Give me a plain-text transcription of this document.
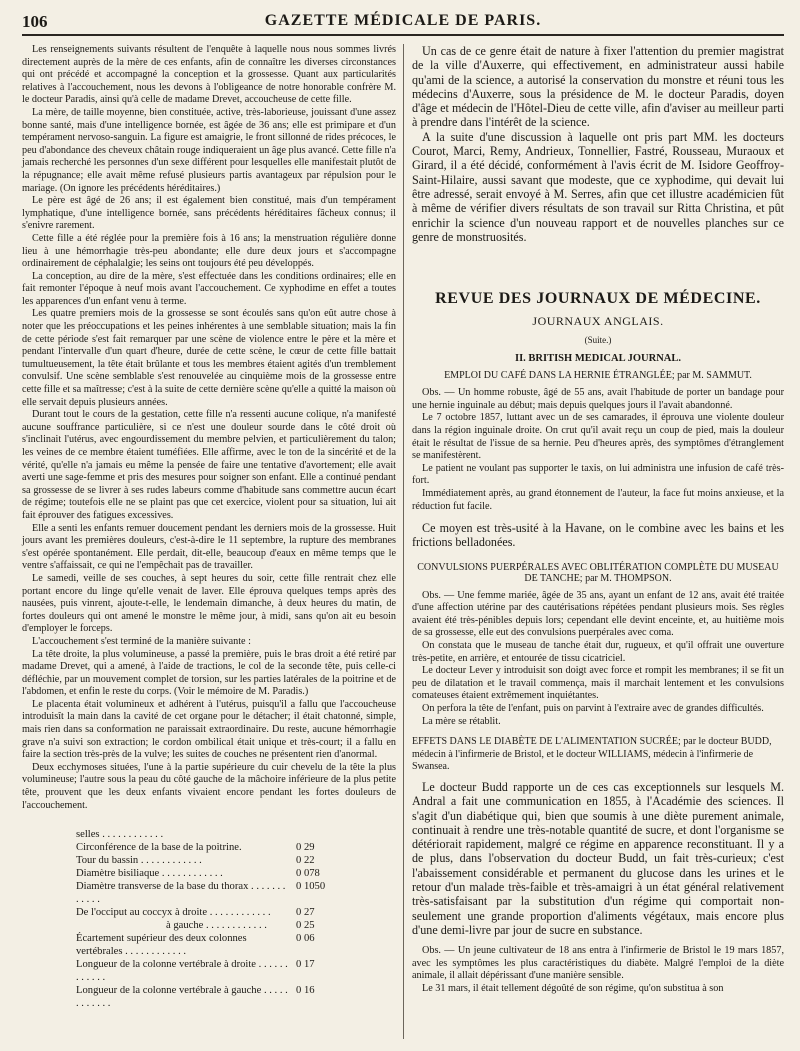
106	GAZETTE MÉDICALE DE PARIS.

Les renseignements suivants résultent de l'enquête à laquelle nous nous sommes livrés directement auprès de la mère de ces enfants, afin de connaître les diverses circonstances qui ont précédé et accompagné la conception et la grossesse. Quant aux particularités relatives à l'accouchement, nous les devons à l'obligeance de notre honorable confrère M. le docteur Paradis, ainsi qu'à celle de madame Drevet, accoucheuse de cette fille.

La mère, de taille moyenne, bien constituée, active, très-laborieuse, jouissant d'une assez bonne santé, mais d'une intelligence bornée, est âgée de 36 ans; elle est primipare et d'un tempérament nervoso-sanguin. La figure est amaigrie, le front sillonné de rides précoces, le peu d'abondance des cheveux châtain rouge indiqueraient un âge plus avancé. Cette fille n'a jamais recherché les personnes d'un sexe différent pour lesquelles elle manifestait plutôt de la répugnance; elle avait même refusé plusieurs partis avantageux par répulsion pour le mariage. (On ignore les précédents héréditaires.)

Le père est âgé de 26 ans; il est également bien constitué, mais d'un tempérament lymphatique, d'une intelligence bornée, sans précédents héréditaires fâcheux connus; il s'enivre rarement.

Cette fille a été réglée pour la première fois à 16 ans; la menstruation régulière donne lieu à une hémorrhagie très-peu abondante; elle dure deux jours et s'accompagne ordinairement de céphalalgie; les seins ont toujours été peu développés.

La conception, au dire de la mère, s'est effectuée dans les conditions ordinaires; elle en fait remonter l'époque à neuf mois avant l'accouchement. Ce xyphodime en effet a toutes les apparences d'un enfant venu à terme.

Les quatre premiers mois de la grossesse se sont écoulés sans qu'on eût autre chose à noter que les préoccupations et les peines inhérentes à une semblable situation; mais la fin de cette période s'est fait remarquer par une scène de violence entre le père et la mère et pendant l'intervalle d'un quart d'heure, durée de cette scène, le cœur de cette fille battait tumultueusement, la tête était brûlante et tous les membres étaient agités d'un tremblement convulsif. Une scène semblable s'est renouvelée au cinquième mois de la grossesse entre cette fille et sa maîtresse; c'est à la suite de cette dernière scène qu'elle a quitté la maison où elle servait depuis plusieurs années.

Durant tout le cours de la gestation, cette fille n'a ressenti aucune colique, n'a manifesté aucune souffrance particulière, si ce n'est une douleur sourde dans le côté droit où s'inclinait l'utérus, avec engourdissement du membre pelvien, et particulièrement du talon; les veines de ce membre étaient tuméfiées. Elle affirme, avec le ton de la sincérité et de la vérité, qu'elle n'a jamais eu même la pensée de faire une tentative d'avortement; elle avait averti une sage-femme et pris des mesures pour soigner son enfant. Elle a continué pendant sa grossesse de se livrer à ses rudes labeurs comme d'habitude sans commettre aucun écart de régime; toutefois elle ne se plaint pas que cet exercice, violent pour sa situation, lui ait fait éprouver des fatigues excessives.

Elle a senti les enfants remuer doucement pendant les derniers mois de la grossesse. Huit jours avant les premières douleurs, c'est-à-dire le 11 septembre, la rupture des membranes s'est opérée spontanément. Elle perdait, dit-elle, beaucoup d'eaux en même temps que le ventre s'affaissait, ce qui ne l'empêchait pas de travailler.

Le samedi, veille de ses couches, à sept heures du soir, cette fille rentrait chez elle portant encore du linge qu'elle venait de laver. Elle éprouva quelques temps après des nausées, puis vinrent, ajoute-t-elle, le lendemain dimanche, à deux heures du matin, de fortes douleurs qui ont amené le monstre le même jour, à midi, sans qu'on ait eu besoin d'employer le forceps.

L'accouchement s'est terminé de la manière suivante :

La tête droite, la plus volumineuse, a passé la première, puis le bras droit a été retiré par madame Drevet, qui a amené, à l'aide de tractions, le col de la seconde tête, puis celle-ci défléchie, par un mouvement complet de torsion, sur les parties latérales de la poitrine et de l'abdomen, et enfin le reste du corps. (Voir le mémoire de M. Paradis.)

Le placenta était volumineux et adhérent à l'utérus, puisqu'il a fallu que l'accoucheuse introduisît la main dans la cavité de cet organe pour le détacher; il était chatonné, simple, mais rien dans sa conformation ne paraissait extraordinaire. Du reste, aucune hémorrhagie grave n'a suivi son extraction; le cordon ombilical était unique et très-court; il a fallu en faire la section très-près de la vulve; les suites de couches ne présentent rien d'anormal.

Deux ecchymoses situées, l'une à la partie supérieure du cuir chevelu de la tête la plus volumineuse; l'autre sous la peau du côté gauche de la mâchoire inférieure de la plus petite tête, prouvent que les deux enfants vivaient encore pendant les fortes douleurs de l'accouchement.

selles . . .	
Circonférence de la base de la poitrine.	0 29
Tour du bassin . . .	0 22
Diamètre bisiliaque . . .	0 078
Diamètre transverse de la base du thorax . . .	0 1050
De l'occiput au coccyx à droite . . .	0 27
à gauche . . .	0 25
Écartement supérieur des deux colonnes vertébrales . . .	0 06
Longueur de la colonne vertébrale à droite . . .	0 17
Longueur de la colonne vertébrale à gauche . . .	0 16

Un cas de ce genre était de nature à fixer l'attention du premier magistrat de la ville d'Auxerre, qui effectivement, en administrateur aussi habile qu'ami de la science, a autorisé la conservation du monstre et réuni tous les médecins d'Auxerre, sous la présidence de M. le docteur Paradis, doyen d'âge et médecin de l'Hôtel-Dieu de cette ville, afin d'aviser au meilleur parti à prendre dans l'intérêt de la science.

A la suite d'une discussion à laquelle ont pris part MM. les docteurs Courot, Marci, Remy, Andrieux, Tonnellier, Fastré, Rousseau, Muraoux et Girard, il a été décidé, conformément à l'avis écrit de M. Isidore Geoffroy-Saint-Hilaire, aussi savant que modeste, que ce xyphodime, qui devait lui être adressé, serait envoyé à M. Serres, afin que cet illustre académicien fût à même de vérifier divers résultats de son travail sur Ritta Christina, et pût enrichir la science d'un nouveau rapport et de nouvelles planches sur ce genre de monstruosités.

REVUE DES JOURNAUX DE MÉDECINE.
JOURNAUX ANGLAIS.
(Suite.)
II. BRITISH MEDICAL JOURNAL.
EMPLOI DU CAFÉ DANS LA HERNIE ÉTRANGLÉE; par M. SAMMUT.

Obs. — Un homme robuste, âgé de 55 ans, avait l'habitude de porter un bandage pour une hernie inguinale au début; mais depuis quelques jours il l'avait abandonné.

Le 7 octobre 1857, luttant avec un de ses camarades, il éprouva une violente douleur dans la région inguinale droite. On crut qu'il avait reçu un coup de pied, mais la douleur était le résultat de l'issue de sa hernie. Peu d'heures après, des symptômes d'étranglement se manifestèrent.

Le patient ne voulant pas supporter le taxis, on lui administra une infusion de café très-fort.

Immédiatement après, au grand étonnement de l'auteur, la face fut moins anxieuse, et la réduction fut facile.

Ce moyen est très-usité à la Havane, on le combine avec les bains et les frictions belladonées.

CONVULSIONS PUERPÉRALES AVEC OBLITÉRATION COMPLÈTE DU MUSEAU DE TANCHE; par M. THOMPSON.

Obs. — Une femme mariée, âgée de 35 ans, ayant un enfant de 12 ans, avait été traitée d'une affection utérine par des cautérisations répétées pendant plusieurs mois. Ses règles avaient été très-pénibles depuis lors; cependant elle devint enceinte, et, au huitième mois de sa grossesse, elle eut des convulsions puerpérales avec coma.

On constata que le museau de tanche était dur, rugueux, et qu'il offrait une ouverture très-petite, en arrière, et entourée de tissu cicatriciel.

Le docteur Lever y introduisit son doigt avec force et rompit les membranes; il se fit un peu de dilatation et le travail commença, mais il marchait lentement et les convulsions comateuses étaient extrêmement inquiétantes.

On perfora la tête de l'enfant, puis on parvint à l'extraire avec de grandes difficultés.

La mère se rétablit.

EFFETS DANS LE DIABÈTE DE L'ALIMENTATION SUCRÉE; par le docteur BUDD, médecin à l'infirmerie de Bristol, et le docteur WILLIAMS, médecin à l'infirmerie de Swansea.

Le docteur Budd rapporte un de ces cas exceptionnels sur lesquels M. Andral a fait une communication en 1855, à l'Académie des sciences. Il s'agit d'un diabétique qui, bien que soumis à une diète purement animale, continuait à rendre une très-notable quantité de sucre, et dont l'organisme se détériorait rapidement, malgré ce régime en apparence reconstituant. Il y a de plus, dans l'observation du docteur Budd, un fait très-curieux; c'est l'abaissement considérable et permanent du glucose dans les urines et le retour d'un malade très-faible et très-amaigri à un état général relativement très-satisfaisant par la substitution d'un régime qui comportait non-seulement une grande proportion d'aliments végétaux, mais encore plus d'une demi-livre par jour de sucre en substance.

Obs. — Un jeune cultivateur de 18 ans entra à l'infirmerie de Bristol le 19 mars 1857, avec les symptômes les plus caractéristiques du diabète. Malgré l'emploi de la diète animale, il allait dépérissant d'une manière sensible.

Le 31 mars, il était tellement dégoûté de son régime, qu'on substitua à son
